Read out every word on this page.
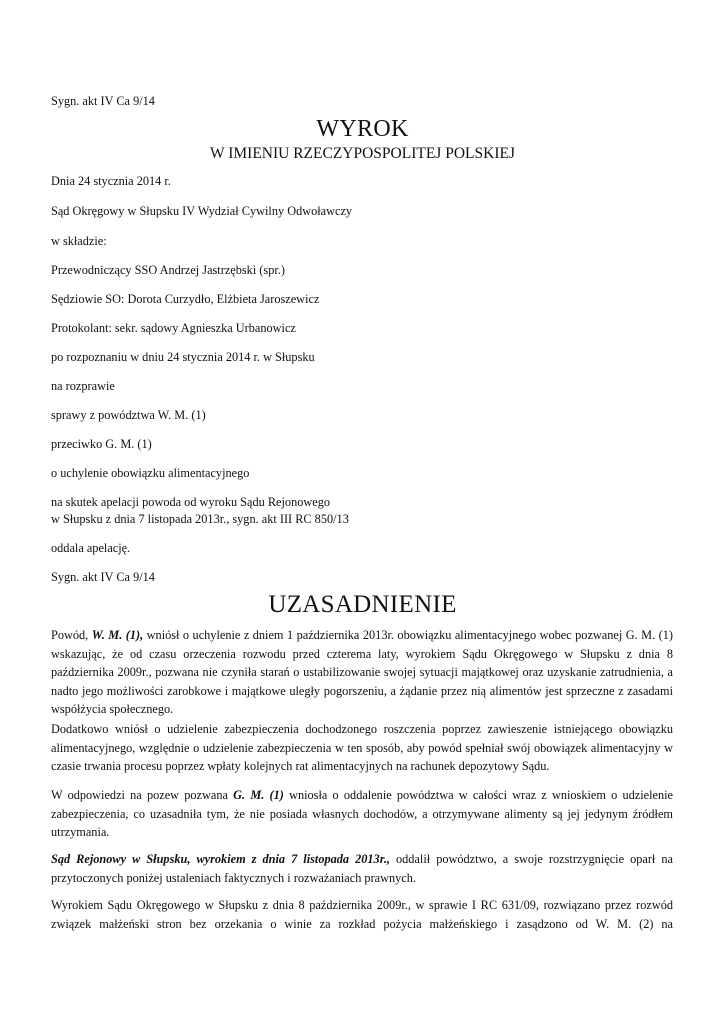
Sygn. akt IV Ca 9/14

WYROK
W IMIENIU RZECZYPOSPOLITEJ POLSKIEJ

Dnia 24 stycznia 2014 r.

Sąd Okręgowy w Słupsku IV Wydział Cywilny Odwoławczy

w składzie:

Przewodniczący SSO Andrzej Jastrzębski (spr.)

Sędziowie SO: Dorota Curzydło, Elżbieta Jaroszewicz

Protokolant: sekr. sądowy Agnieszka Urbanowicz

po rozpoznaniu w dniu 24 stycznia 2014 r. w Słupsku

na rozprawie

sprawy z powództwa W. M. (1)

przeciwko G. M. (1)

o uchylenie obowiązku alimentacyjnego

na skutek apelacji powoda od wyroku Sądu Rejonowego

w Słupsku z dnia 7 listopada 2013r., sygn. akt III RC 850/13

oddala apelację.

Sygn. akt IV Ca 9/14

UZASADNIENIE

Powód, W. M. (1), wniósł o uchylenie z dniem 1 października 2013r. obowiązku alimentacyjnego wobec pozwanej G. M. (1) wskazując, że od czasu orzeczenia rozwodu przed czterema laty, wyrokiem Sądu Okręgowego w Słupsku z dnia 8 października 2009r., pozwana nie czyniła starań o ustabilizowanie swojej sytuacji majątkowej oraz uzyskanie zatrudnienia, a nadto jego możliwości zarobkowe i majątkowe uległy pogorszeniu, a żądanie przez nią alimentów jest sprzeczne z zasadami współżycia społecznego.

Dodatkowo wniósł o udzielenie zabezpieczenia dochodzonego roszczenia poprzez zawieszenie istniejącego obowiązku alimentacyjnego, względnie o udzielenie zabezpieczenia w ten sposób, aby powód spełniał swój obowiązek alimentacyjny w czasie trwania procesu poprzez wpłaty kolejnych rat alimentacyjnych na rachunek depozytowy Sądu.

W odpowiedzi na pozew pozwana G. M. (1) wniosła o oddalenie powództwa w całości wraz z wnioskiem o udzielenie zabezpieczenia, co uzasadniła tym, że nie posiada własnych dochodów, a otrzymywane alimenty są jej jedynym źródłem utrzymania.

Sąd Rejonowy w Słupsku, wyrokiem z dnia 7 listopada 2013r., oddalił powództwo, a swoje rozstrzygnięcie oparł na przytoczonych poniżej ustaleniach faktycznych i rozważaniach prawnych.

Wyrokiem Sądu Okręgowego w Słupsku z dnia 8 października 2009r., w sprawie I RC 631/09, rozwiązano przez rozwód związek małżeński stron bez orzekania o winie za rozkład pożycia małżeńskiego i zasądzono od W. M. (2) na
